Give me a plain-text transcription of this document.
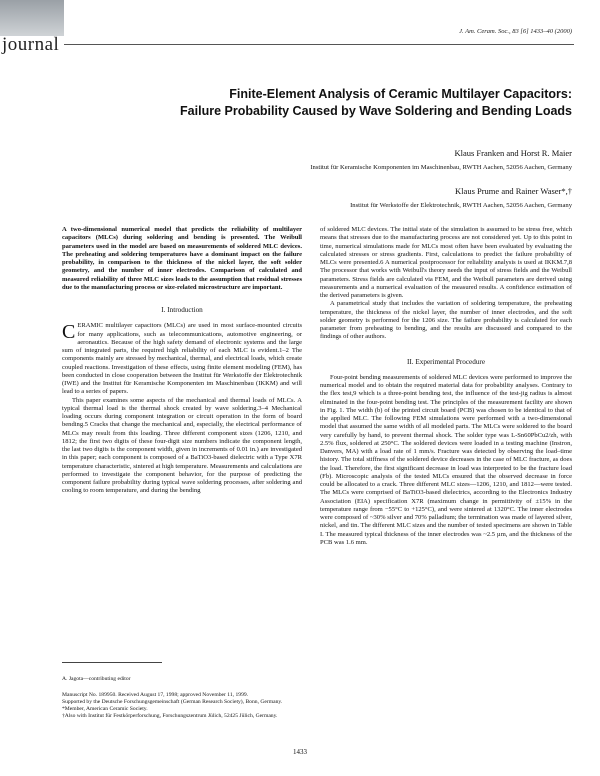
journal
J. Am. Ceram. Soc., 83 [6] 1433–40 (2000)
Finite-Element Analysis of Ceramic Multilayer Capacitors:
Failure Probability Caused by Wave Soldering and Bending Loads
Klaus Franken and Horst R. Maier
Institut für Keramische Komponenten im Maschinenbau, RWTH Aachen, 52056 Aachen, Germany
Klaus Prume and Rainer Waser*,†
Institut für Werkstoffe der Elektrotechnik, RWTH Aachen, 52056 Aachen, Germany
A two-dimensional numerical model that predicts the reliability of multilayer capacitors (MLCs) during soldering and bending is presented. The Weibull parameters used in the model are based on measurements of soldered MLC devices. The preheating and soldering temperatures have a dominant impact on the failure probability, in comparison to the thickness of the nickel layer, the soft solder geometry, and the number of inner electrodes. Comparison of calculated and measured reliability of three MLC sizes leads to the assumption that residual stresses due to the manufacturing process or size-related microstructure are important.
I. Introduction
C ERAMIC multilayer capacitors (MLCs) are used in most surface-mounted circuits for many applications, such as telecommunications, automotive engineering, or aeronautics. Because of the high safety demand of electronic systems and the large sum of integrated parts, the required high reliability of each MLC is evident.1–2 The components mainly are stressed by mechanical, thermal, and electrical loads, which create coupled reactions. Investigation of these effects, using finite element modeling (FEM), has been conducted in close cooperation between the Institut für Werkstoffe der Elektrotechnik (IWE) and the Institut für Keramische Komponenten im Maschinenbau (IKKM) and will lead to a series of papers.

This paper examines some aspects of the mechanical and thermal loads of MLCs. A typical thermal load is the thermal shock created by wave soldering.3–4 Mechanical loading occurs during component integration or circuit operation in the form of board bending.5 Cracks that change the mechanical and, especially, the electrical performance of MLCs may result from this loading. Three different component sizes (1206, 1210, and 1812; the first two digits of these four-digit size numbers indicate the component length, the last two digits is the component width, given in increments of 0.01 in.) are investigated in this paper; each component is composed of a BaTiO3-based dielectric with a Type X7R temperature characteristic, sintered at high temperature. Measurements and calculations are performed to investigate the component behavior, for the purpose of predicting the component failure probability during typical wave soldering processes, after soldering and cooling to room temperature, and during the bending

A. Jagota—contributing editor
Manuscript No. 189950. Received August 17, 1998; approved November 11, 1999.
Supported by the Deutsche Forschungsgemeinschaft (German Research Society), Bonn, Germany.
*Member, American Ceramic Society.
†Also with Institut für Festkörperforschung, Forschungszentrum Jülich, 52425 Jülich, Germany.
of soldered MLC devices. The initial state of the simulation is assumed to be stress free, which means that stresses due to the manufacturing process are not considered yet. Up to this point in time, numerical simulations made for MLCs most often have been evaluated by evaluating the calculated stresses or stress gradients. First, calculations to predict the failure probability of MLCs were presented.6 A numerical postprocessor for reliability analysis is used at IKKM.7,8 The processor that works with Weibull's theory needs the input of stress fields and the Weibull parameters. Stress fields are calculated via FEM, and the Weibull parameters are derived using measurements and a numerical evaluation of the measured results. A confidence estimation of the derived parameters is given.

A parametrical study that includes the variation of soldering temperature, the preheating temperature, the thickness of the nickel layer, the number of inner electrodes, and the soft solder geometry is performed for the 1206 size. The failure probability is calculated for each parameter from preheating to bending, and the results are discussed and compared to the findings of other authors.

II. Experimental Procedure

Four-point bending measurements of soldered MLC devices were performed to improve the numerical model and to obtain the required material data for probability analyses. Contrary to the flex test,9 which is a three-point bending test, the influence of the test-jig radius is almost eliminated in the four-point bending test. The principles of the measurement facility are shown in Fig. 1. The width (b) of the printed circuit board (PCB) was chosen to be identical to that of the applied MLC. The following FEM simulations were performed with a two-dimensional model that assumed the same width of all modeled parts. The MLCs were soldered to the board very carefully by hand, to prevent thermal shock. The solder type was L-Sn60PbCu2/zh, with 2.5% flux, soldered at 250°C. The soldered devices were loaded in a testing machine (Instron, Danvers, MA) with a load rate of 1 mm/s. Fracture was detected by observing the load–time history. The total stiffness of the soldered device decreases in the case of MLC fracture, as does the load. Therefore, the first significant decrease in load was interpreted to be the fracture load (Fb). Microscopic analysis of the tested MLCs ensured that the observed decrease in force could be allocated to a crack. Three different MLC sizes—1206, 1210, and 1812—were tested. The MLCs were comprised of BaTiO3-based dielectrics, according to the Electronics Industry Association (EIA) specification X7R (maximum change in permittivity of ±15% in the temperature range from −55°C to +125°C), and were sintered at 1320°C. The inner electrodes were composed of ~30% silver and 70% palladium; the termination was made of layered silver, nickel, and tin. The different MLC sizes and the number of tested specimens are shown in Table I. The measured typical thickness of the inner electrodes was ~2.5 µm, and the thickness of the PCB was 1.6 mm.

1433
